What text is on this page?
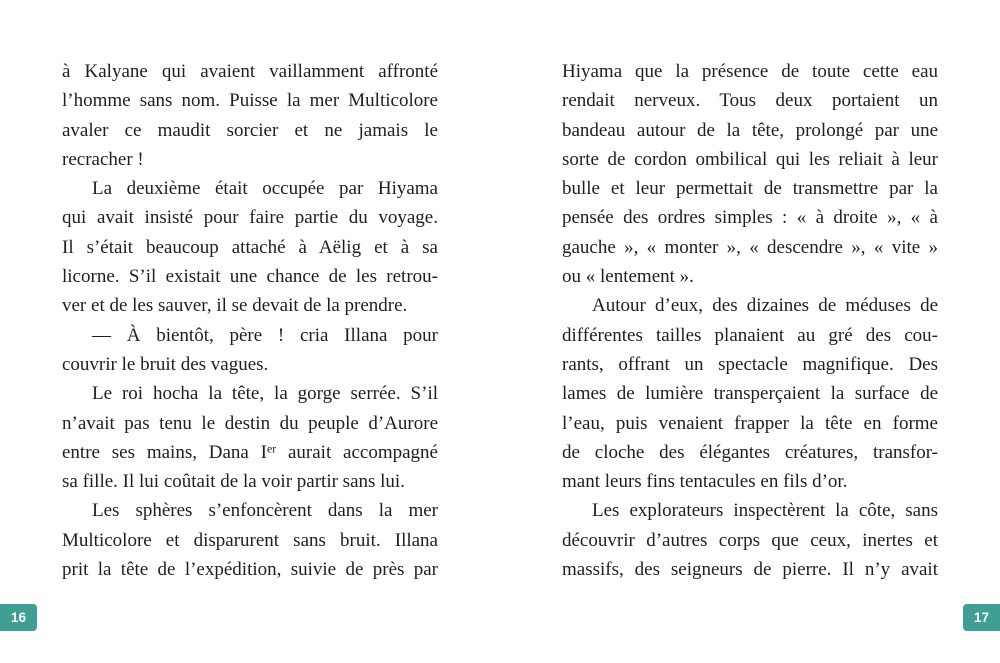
à Kalyane qui avaient vaillamment affronté
l’homme sans nom. Puisse la mer Multicolore
avaler ce maudit sorcier et ne jamais le
recracher !
La deuxième était occupée par Hiyama
qui avait insisté pour faire partie du voyage.
Il s’était beaucoup attaché à Aëlig et à sa
licorne. S’il existait une chance de les retrou-
ver et de les sauver, il se devait de la prendre.
— À bientôt, père ! cria Illana pour
couvrir le bruit des vagues.
Le roi hocha la tête, la gorge serrée. S’il
n’avait pas tenu le destin du peuple d’Aurore
entre ses mains, Dana Ier aurait accompagné
sa fille. Il lui coûtait de la voir partir sans lui.
Les sphères s’enfoncèrent dans la mer
Multicolore et disparurent sans bruit. Illana
prit la tête de l’expédition, suivie de près par
Hiyama que la présence de toute cette eau
rendait nerveux. Tous deux portaient un
bandeau autour de la tête, prolongé par une
sorte de cordon ombilical qui les reliait à leur
bulle et leur permettait de transmettre par la
pensée des ordres simples : « à droite », « à
gauche », « monter », « descendre », « vite »
ou « lentement ».
Autour d’eux, des dizaines de méduses de
différentes tailles planaient au gré des cou-
rants, offrant un spectacle magnifique. Des
lames de lumière transperçaient la surface de
l’eau, puis venaient frapper la tête en forme
de cloche des élégantes créatures, transfor-
mant leurs fins tentacules en fils d’or.
Les explorateurs inspectèrent la côte, sans
découvrir d’autres corps que ceux, inertes et
massifs, des seigneurs de pierre. Il n’y avait
16	17
